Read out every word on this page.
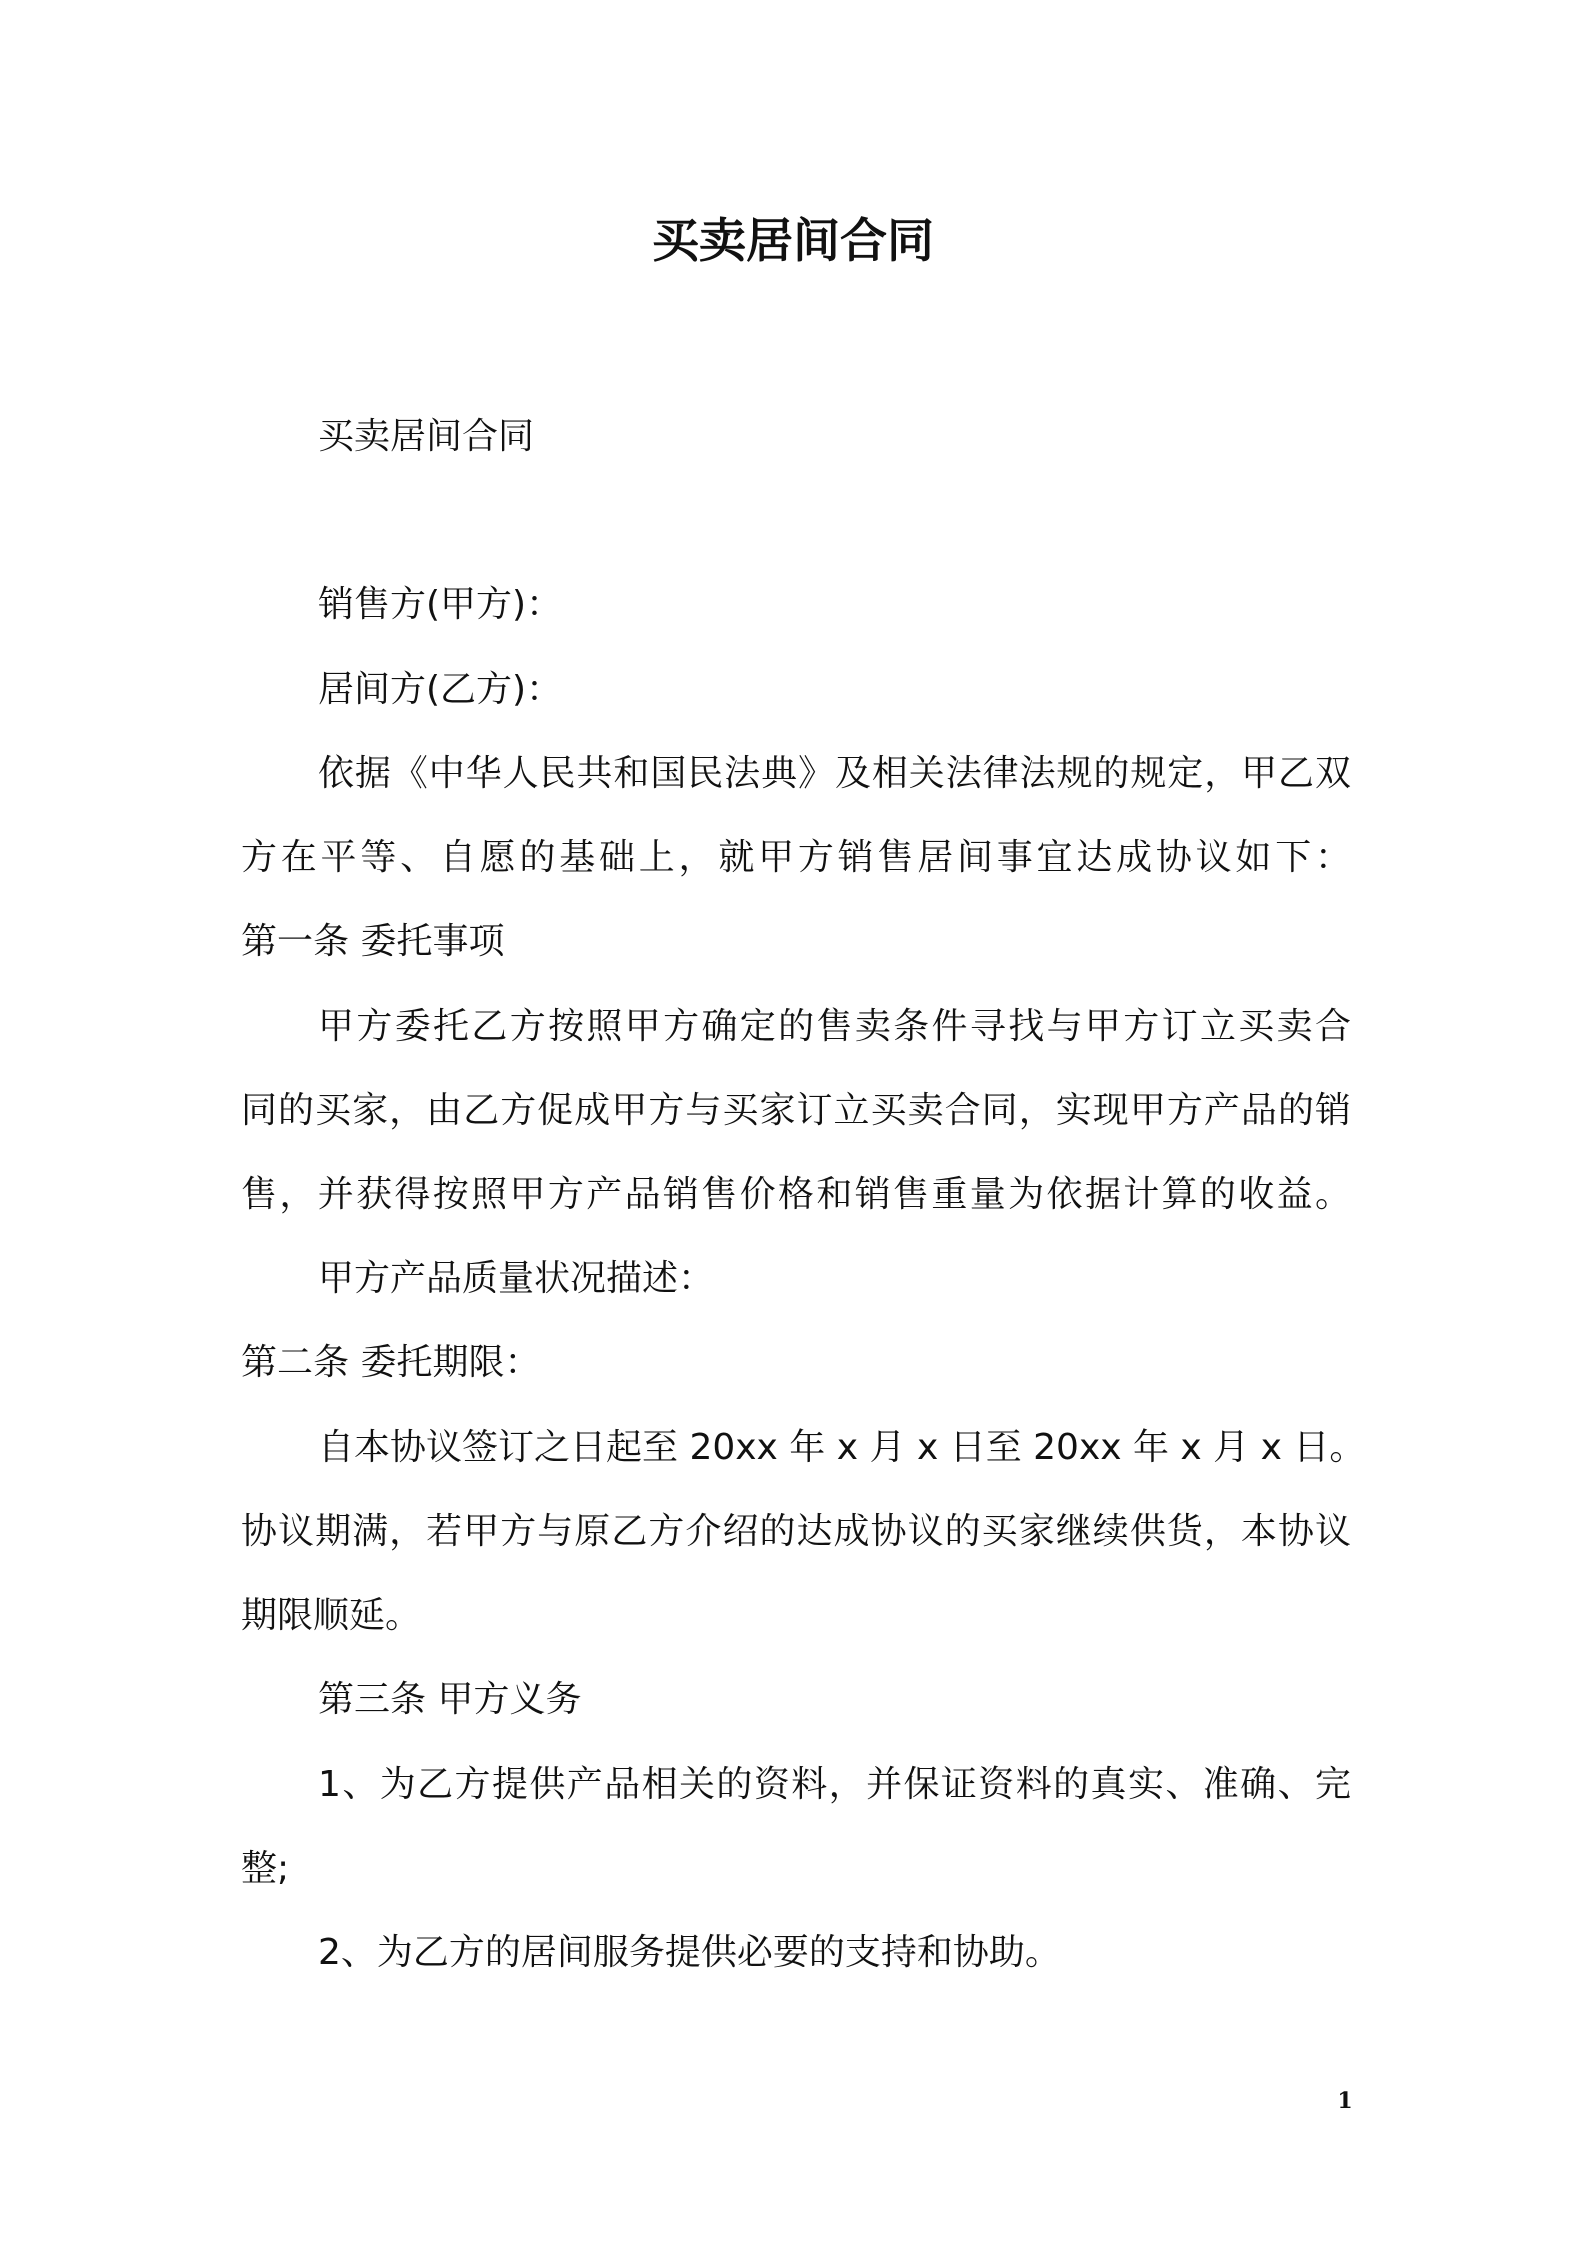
买卖居间合同
买卖居间合同
销售方(甲方)：
居间方(乙方)：
依据《中华人民共和国民法典》及相关法律法规的规定，甲乙双
方在平等、自愿的基础上，就甲方销售居间事宜达成协议如下：
第一条 委托事项
甲方委托乙方按照甲方确定的售卖条件寻找与甲方订立买卖合
同的买家，由乙方促成甲方与买家订立买卖合同，实现甲方产品的销
售，并获得按照甲方产品销售价格和销售重量为依据计算的收益。
甲方产品质量状况描述：
第二条 委托期限：
自本协议签订之日起至 20xx 年 x 月 x 日至 20xx 年 x 月 x 日。
协议期满，若甲方与原乙方介绍的达成协议的买家继续供货，本协议
期限顺延。
第三条 甲方义务
1、为乙方提供产品相关的资料，并保证资料的真实、准确、完
整;
2、为乙方的居间服务提供必要的支持和协助。
1
